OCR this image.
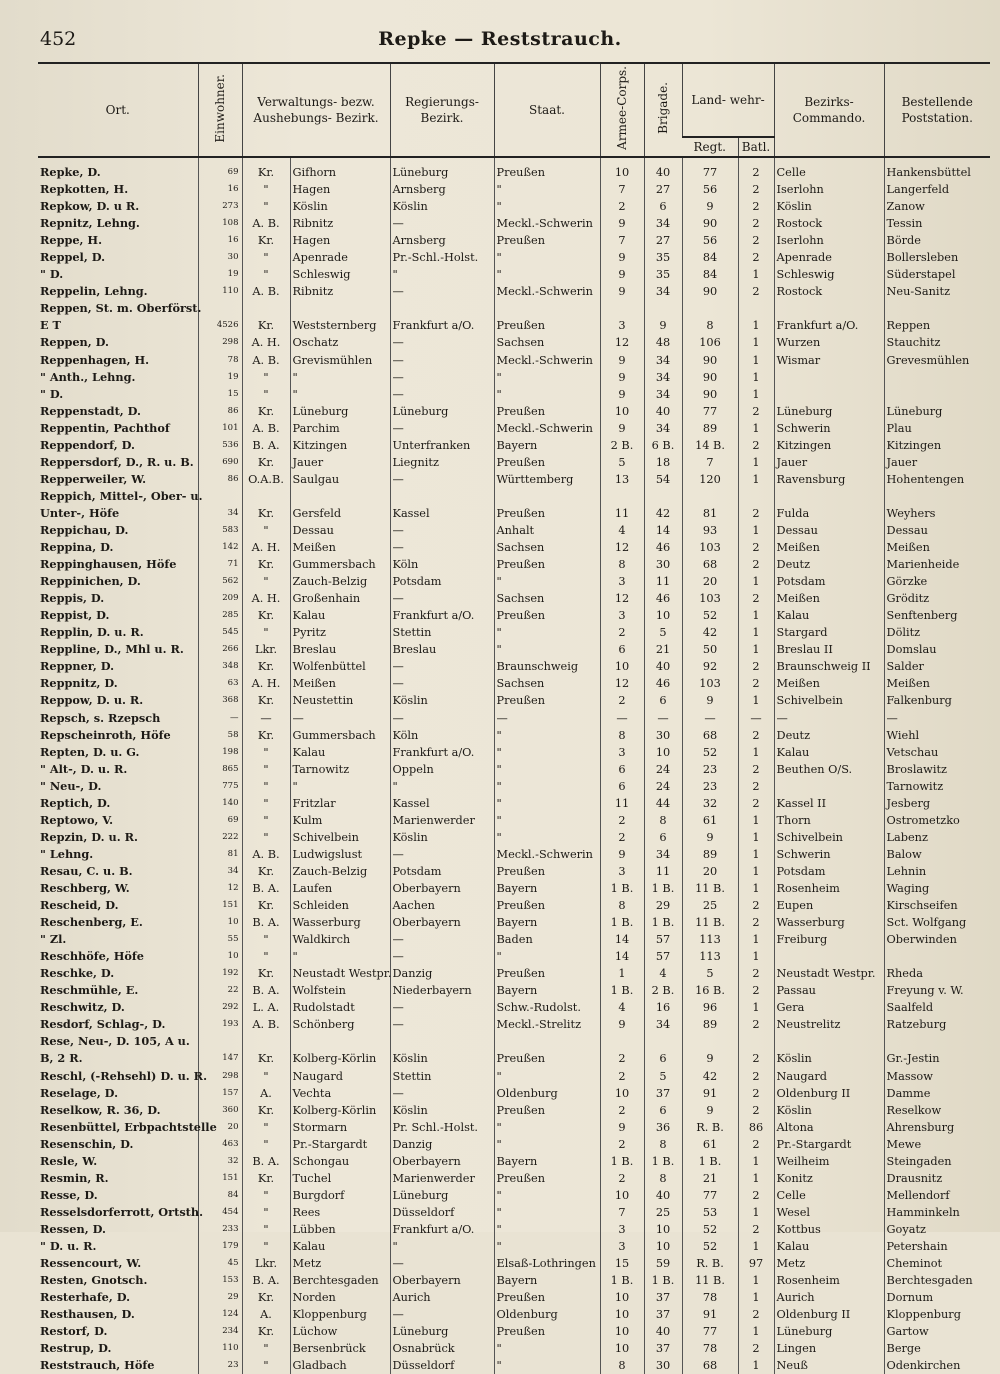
452	Repke — Reststrauch.
Ort.	Einwohner.	Verwaltungs- bezw. Aushebungs- Bezirk.		Regierungs- Bezirk.	Staat.	Armee-Corps.	Brigade.	Land- wehr-		Bezirks- Commando.	Bestellende Poststation.
								Regt.	Batl.		
Repke, D.	69	Kr.	Gifhorn	Lüneburg	Preußen	10	40	77	2	Celle	Hankensbüttel
Repkotten, H.	16	"	Hagen	Arnsberg	"	7	27	56	2	Iserlohn	Langerfeld
Repkow, D. u R.	273	"	Köslin	Köslin	"	2	6	9	2	Köslin	Zanow
Repnitz, Lehng.	108	A. B.	Ribnitz	—	Meckl.-Schwerin	9	34	90	2	Rostock	Tessin
Reppe, H.	16	Kr.	Hagen	Arnsberg	Preußen	7	27	56	2	Iserlohn	Börde
Reppel, D.	30	"	Apenrade	Pr.-Schl.-Holst.	"	9	35	84	2	Apenrade	Bollersleben
" D.	19	"	Schleswig	"	"	9	35	84	1	Schleswig	Süderstapel
Reppelin, Lehng.	110	A. B.	Ribnitz	—	Meckl.-Schwerin	9	34	90	2	Rostock	Neu-Sanitz
Reppen, St. m. Oberförst.											
E T	4526	Kr.	Weststernberg	Frankfurt a/O.	Preußen	3	9	8	1	Frankfurt a/O.	Reppen
Reppen, D.	298	A. H.	Oschatz	—	Sachsen	12	48	106	1	Wurzen	Stauchitz
Reppenhagen, H.	78	A. B.	Grevismühlen	—	Meckl.-Schwerin	9	34	90	1	Wismar	Grevesmühlen
" Anth., Lehng.	19	"	"	—	"	9	34	90	1		
" D.	15	"	"	—	"	9	34	90	1		
Reppenstadt, D.	86	Kr.	Lüneburg	Lüneburg	Preußen	10	40	77	2	Lüneburg	Lüneburg
Reppentin, Pachthof	101	A. B.	Parchim	—	Meckl.-Schwerin	9	34	89	1	Schwerin	Plau
Reppendorf, D.	536	B. A.	Kitzingen	Unterfranken	Bayern	2 B.	6 B.	14 B.	2	Kitzingen	Kitzingen
Reppersdorf, D., R. u. B.	690	Kr.	Jauer	Liegnitz	Preußen	5	18	7	1	Jauer	Jauer
Repperweiler, W.	86	O.A.B.	Saulgau	—	Württemberg	13	54	120	1	Ravensburg	Hohentengen
Reppich, Mittel-, Ober- u.											
Unter-, Höfe	34	Kr.	Gersfeld	Kassel	Preußen	11	42	81	2	Fulda	Weyhers
Reppichau, D.	583	"	Dessau	—	Anhalt	4	14	93	1	Dessau	Dessau
Reppina, D.	142	A. H.	Meißen	—	Sachsen	12	46	103	2	Meißen	Meißen
Reppinghausen, Höfe	71	Kr.	Gummersbach	Köln	Preußen	8	30	68	2	Deutz	Marienheide
Reppinichen, D.	562	"	Zauch-Belzig	Potsdam	"	3	11	20	1	Potsdam	Görzke
Reppis, D.	209	A. H.	Großenhain	—	Sachsen	12	46	103	2	Meißen	Gröditz
Reppist, D.	285	Kr.	Kalau	Frankfurt a/O.	Preußen	3	10	52	1	Kalau	Senftenberg
Repplin, D. u. R.	545	"	Pyritz	Stettin	"	2	5	42	1	Stargard	Dölitz
Reppline, D., Mhl u. R.	266	Lkr.	Breslau	Breslau	"	6	21	50	1	Breslau II	Domslau
Reppner, D.	348	Kr.	Wolfenbüttel	—	Braunschweig	10	40	92	2	Braunschweig II	Salder
Reppnitz, D.	63	A. H.	Meißen	—	Sachsen	12	46	103	2	Meißen	Meißen
Reppow, D. u. R.	368	Kr.	Neustettin	Köslin	Preußen	2	6	9	1	Schivelbein	Falkenburg
Repsch, s. Rzepsch	—	—	—	—	—	—	—	—	—	—	—
Repscheinroth, Höfe	58	Kr.	Gummersbach	Köln	"	8	30	68	2	Deutz	Wiehl
Repten, D. u. G.	198	"	Kalau	Frankfurt a/O.	"	3	10	52	1	Kalau	Vetschau
" Alt-, D. u. R.	865	"	Tarnowitz	Oppeln	"	6	24	23	2	Beuthen O/S.	Broslawitz
" Neu-, D.	775	"	"	"	"	6	24	23	2		Tarnowitz
Reptich, D.	140	"	Fritzlar	Kassel	"	11	44	32	2	Kassel II	Jesberg
Reptowo, V.	69	"	Kulm	Marienwerder	"	2	8	61	1	Thorn	Ostrometzko
Repzin, D. u. R.	222	"	Schivelbein	Köslin	"	2	6	9	1	Schivelbein	Labenz
" Lehng.	81	A. B.	Ludwigslust	—	Meckl.-Schwerin	9	34	89	1	Schwerin	Balow
Resau, C. u. B.	34	Kr.	Zauch-Belzig	Potsdam	Preußen	3	11	20	1	Potsdam	Lehnin
Reschberg, W.	12	B. A.	Laufen	Oberbayern	Bayern	1 B.	1 B.	11 B.	1	Rosenheim	Waging
Rescheid, D.	151	Kr.	Schleiden	Aachen	Preußen	8	29	25	2	Eupen	Kirschseifen
Reschenberg, E.	10	B. A.	Wasserburg	Oberbayern	Bayern	1 B.	1 B.	11 B.	2	Wasserburg	Sct. Wolfgang
" Zl.	55	"	Waldkirch	—	Baden	14	57	113	1	Freiburg	Oberwinden
Reschhöfe, Höfe	10	"	"	—	"	14	57	113	1		
Reschke, D.	192	Kr.	Neustadt Westpr.	Danzig	Preußen	1	4	5	2	Neustadt Westpr.	Rheda
Reschmühle, E.	22	B. A.	Wolfstein	Niederbayern	Bayern	1 B.	2 B.	16 B.	2	Passau	Freyung v. W.
Reschwitz, D.	292	L. A.	Rudolstadt	—	Schw.-Rudolst.	4	16	96	1	Gera	Saalfeld
Resdorf, Schlag-, D.	193	A. B.	Schönberg	—	Meckl.-Strelitz	9	34	89	2	Neustrelitz	Ratzeburg
Rese, Neu-, D. 105, A u.											
B, 2 R.	147	Kr.	Kolberg-Körlin	Köslin	Preußen	2	6	9	2	Köslin	Gr.-Jestin
Reschl, (-Rehsehl) D. u. R.	298	"	Naugard	Stettin	"	2	5	42	2	Naugard	Massow
Reselage, D.	157	A.	Vechta	—	Oldenburg	10	37	91	2	Oldenburg II	Damme
Reselkow, R. 36, D.	360	Kr.	Kolberg-Körlin	Köslin	Preußen	2	6	9	2	Köslin	Reselkow
Resenbüttel, Erbpachtstelle	20	"	Stormarn	Pr. Schl.-Holst.	"	9	36	R. B.	86	Altona	Ahrensburg
Resenschin, D.	463	"	Pr.-Stargardt	Danzig	"	2	8	61	2	Pr.-Stargardt	Mewe
Resle, W.	32	B. A.	Schongau	Oberbayern	Bayern	1 B.	1 B.	1 B.	1	Weilheim	Steingaden
Resmin, R.	151	Kr.	Tuchel	Marienwerder	Preußen	2	8	21	1	Konitz	Drausnitz
Resse, D.	84	"	Burgdorf	Lüneburg	"	10	40	77	2	Celle	Mellendorf
Resselsdorferrott, Ortsth.	454	"	Rees	Düsseldorf	"	7	25	53	1	Wesel	Hamminkeln
Ressen, D.	233	"	Lübben	Frankfurt a/O.	"	3	10	52	2	Kottbus	Goyatz
" D. u. R.	179	"	Kalau	"	"	3	10	52	1	Kalau	Petershain
Ressencourt, W.	45	Lkr.	Metz	—	Elsaß-Lothringen	15	59	R. B.	97	Metz	Cheminot
Resten, Gnotsch.	153	B. A.	Berchtesgaden	Oberbayern	Bayern	1 B.	1 B.	11 B.	1	Rosenheim	Berchtesgaden
Resterhafe, D.	29	Kr.	Norden	Aurich	Preußen	10	37	78	1	Aurich	Dornum
Resthausen, D.	124	A.	Kloppenburg	—	Oldenburg	10	37	91	2	Oldenburg II	Kloppenburg
Restorf, D.	234	Kr.	Lüchow	Lüneburg	Preußen	10	40	77	1	Lüneburg	Gartow
Restrup, D.	110	"	Bersenbrück	Osnabrück	"	10	37	78	2	Lingen	Berge
Reststrauch, Höfe	23	"	Gladbach	Düsseldorf	"	8	30	68	1	Neuß	Odenkirchen
